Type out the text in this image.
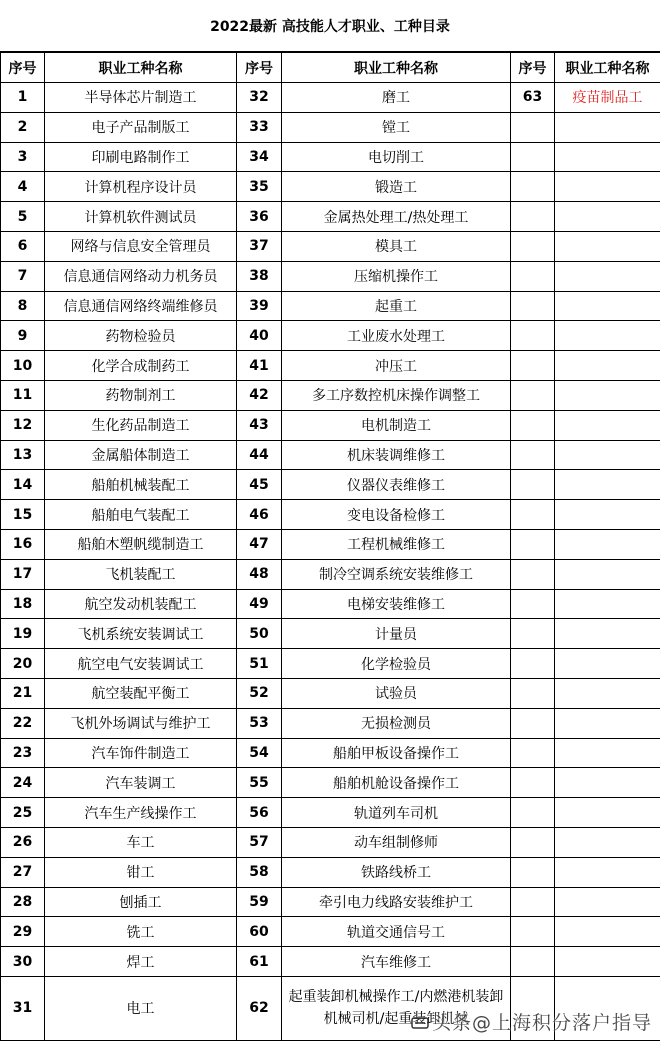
2022最新 高技能人才职业、工种目录
序号	职业工种名称	序号	职业工种名称	序号	职业工种名称
1	半导体芯片制造工	32	磨工	63	疫苗制品工
2	电子产品制版工	33	镗工		
3	印刷电路制作工	34	电切削工		
4	计算机程序设计员	35	锻造工		
5	计算机软件测试员	36	金属热处理工/热处理工		
6	网络与信息安全管理员	37	模具工		
7	信息通信网络动力机务员	38	压缩机操作工		
8	信息通信网络终端维修员	39	起重工		
9	药物检验员	40	工业废水处理工		
10	化学合成制药工	41	冲压工		
11	药物制剂工	42	多工序数控机床操作调整工		
12	生化药品制造工	43	电机制造工		
13	金属船体制造工	44	机床装调维修工		
14	船舶机械装配工	45	仪器仪表维修工		
15	船舶电气装配工	46	变电设备检修工		
16	船舶木塑帆缆制造工	47	工程机械维修工		
17	飞机装配工	48	制冷空调系统安装维修工		
18	航空发动机装配工	49	电梯安装维修工		
19	飞机系统安装调试工	50	计量员		
20	航空电气安装调试工	51	化学检验员		
21	航空装配平衡工	52	试验员		
22	飞机外场调试与维护工	53	无损检测员		
23	汽车饰件制造工	54	船舶甲板设备操作工		
24	汽车装调工	55	船舶机舱设备操作工		
25	汽车生产线操作工	56	轨道列车司机		
26	车工	57	动车组制修师		
27	钳工	58	铁路线桥工		
28	刨插工	59	牵引电力线路安装维护工		
29	铣工	60	轨道交通信号工		
30	焊工	61	汽车维修工		
31	电工	62	起重装卸机械操作工/内燃港机装卸机械司机/起重装卸机械		
头条@上海积分落户指导
